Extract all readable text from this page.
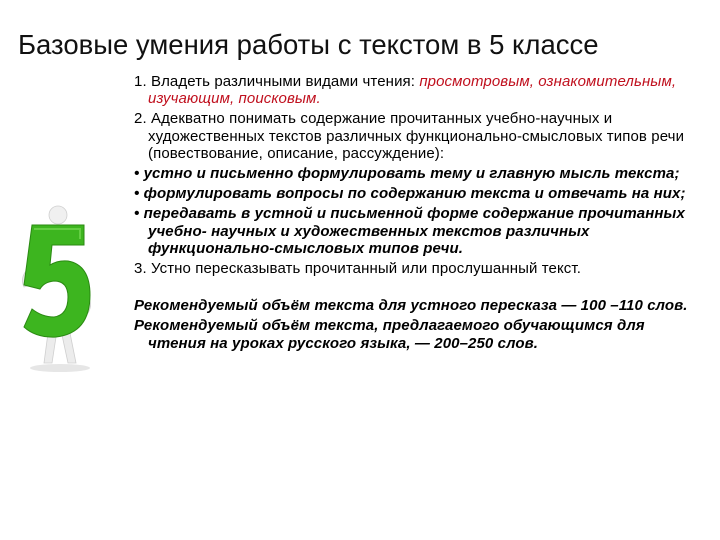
Базовые умения работы с текстом в 5 классе

1. Владеть различными видами чтения: просмотровым, ознакомительным, изучающим, поисковым.

2. Адекватно понимать содержание прочитанных учебно-научных и художественных текстов различных функционально-смысловых типов речи (повествование, описание, рассуждение):

• устно и письменно формулировать тему и главную мысль текста;

• формулировать вопросы по содержанию текста и отвечать на них;

• передавать в устной и письменной форме содержание прочитанных учебно- научных и художественных текстов различных функционально-смысловых типов речи.

3. Устно пересказывать прочитанный или прослушанный текст.

Рекомендуемый объём текста для устного пересказа — 100 –110 слов.

Рекомендуемый объём текста, предлагаемого обучающимся для чтения на уроках русского языка, — 200–250 слов.
